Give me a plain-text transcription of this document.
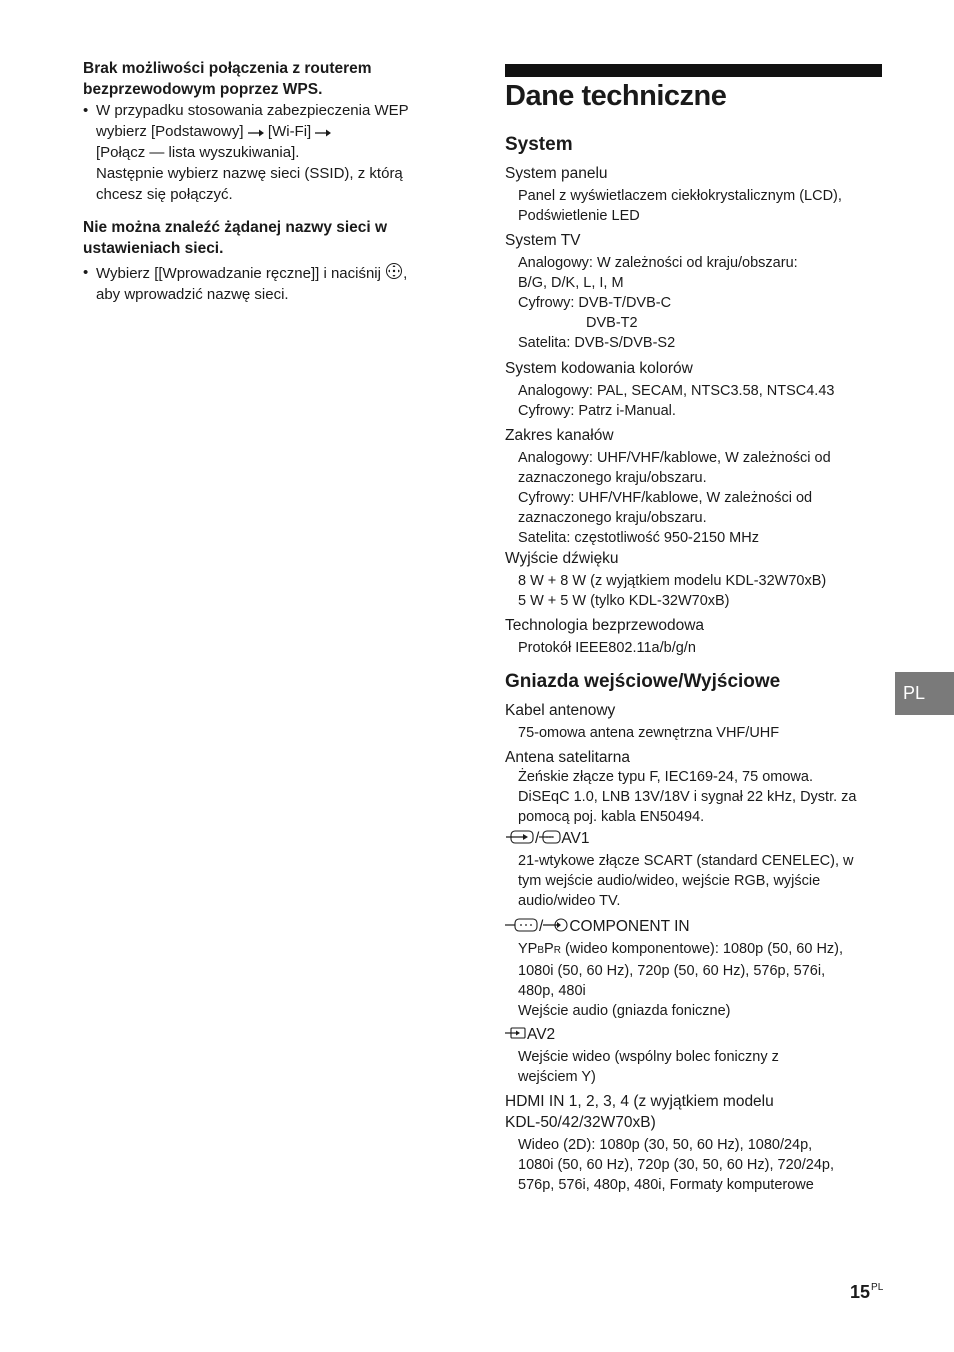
Brak możliwości połączenia z routerem bezprzewodowym poprzez WPS.

• W przypadku stosowania zabezpieczenia WEP
wybierz [Podstawowy] [Wi-Fi]
[Połącz — lista wyszukiwania].
Następnie wybierz nazwę sieci (SSID), z którą
chcesz się połączyć.

Nie można znaleźć żądanej nazwy sieci w ustawieniach sieci.

• Wybierz [[Wprowadzanie ręczne]] i naciśnij ,
aby wprowadzić nazwę sieci.
Dane techniczne
System
System panelu
Panel z wyświetlaczem ciekłokrystalicznym (LCD),
Podświetlenie LED
System TV
Analogowy: W zależności od kraju/obszaru:
B/G, D/K, L, I, M
Cyfrowy: DVB-T/DVB-C
DVB-T2
Satelita: DVB-S/DVB-S2
System kodowania kolorów
Analogowy: PAL, SECAM, NTSC3.58, NTSC4.43
Cyfrowy: Patrz i-Manual.
Zakres kanałów
Analogowy: UHF/VHF/kablowe, W zależności od
zaznaczonego kraju/obszaru.
Cyfrowy: UHF/VHF/kablowe, W zależności od
zaznaczonego kraju/obszaru.
Satelita: częstotliwość 950-2150 MHz
Wyjście dźwięku
8 W + 8 W (z wyjątkiem modelu KDL-32W70xB)
5 W + 5 W (tylko KDL-32W70xB)
Technologia bezprzewodowa
Protokół IEEE802.11a/b/g/n
Gniazda wejściowe/Wyjściowe
Kabel antenowy
75-omowa antena zewnętrzna VHF/UHF
Antena satelitarna
Żeńskie złącze typu F, IEC169-24, 75 omowa.
DiSEqC 1.0, LNB 13V/18V i sygnał 22 kHz, Dystr. za
pomocą poj. kabla EN50494.
/ AV1
21-wtykowe złącze SCART (standard CENELEC), w
tym wejście audio/wideo, wejście RGB, wyjście
audio/wideo TV.
/ COMPONENT IN
YPBPR (wideo komponentowe): 1080p (50, 60 Hz),
1080i (50, 60 Hz), 720p (50, 60 Hz), 576p, 576i,
480p, 480i
Wejście audio (gniazda foniczne)
AV2
Wejście wideo (wspólny bolec foniczny z
wejściem Y)
HDMI IN 1, 2, 3, 4 (z wyjątkiem modelu
KDL-50/42/32W70xB)
Wideo (2D): 1080p (30, 50, 60 Hz), 1080/24p,
1080i (50, 60 Hz), 720p (30, 50, 60 Hz), 720/24p,
576p, 576i, 480p, 480i, Formaty komputerowe
PL
$15^{PL}$
